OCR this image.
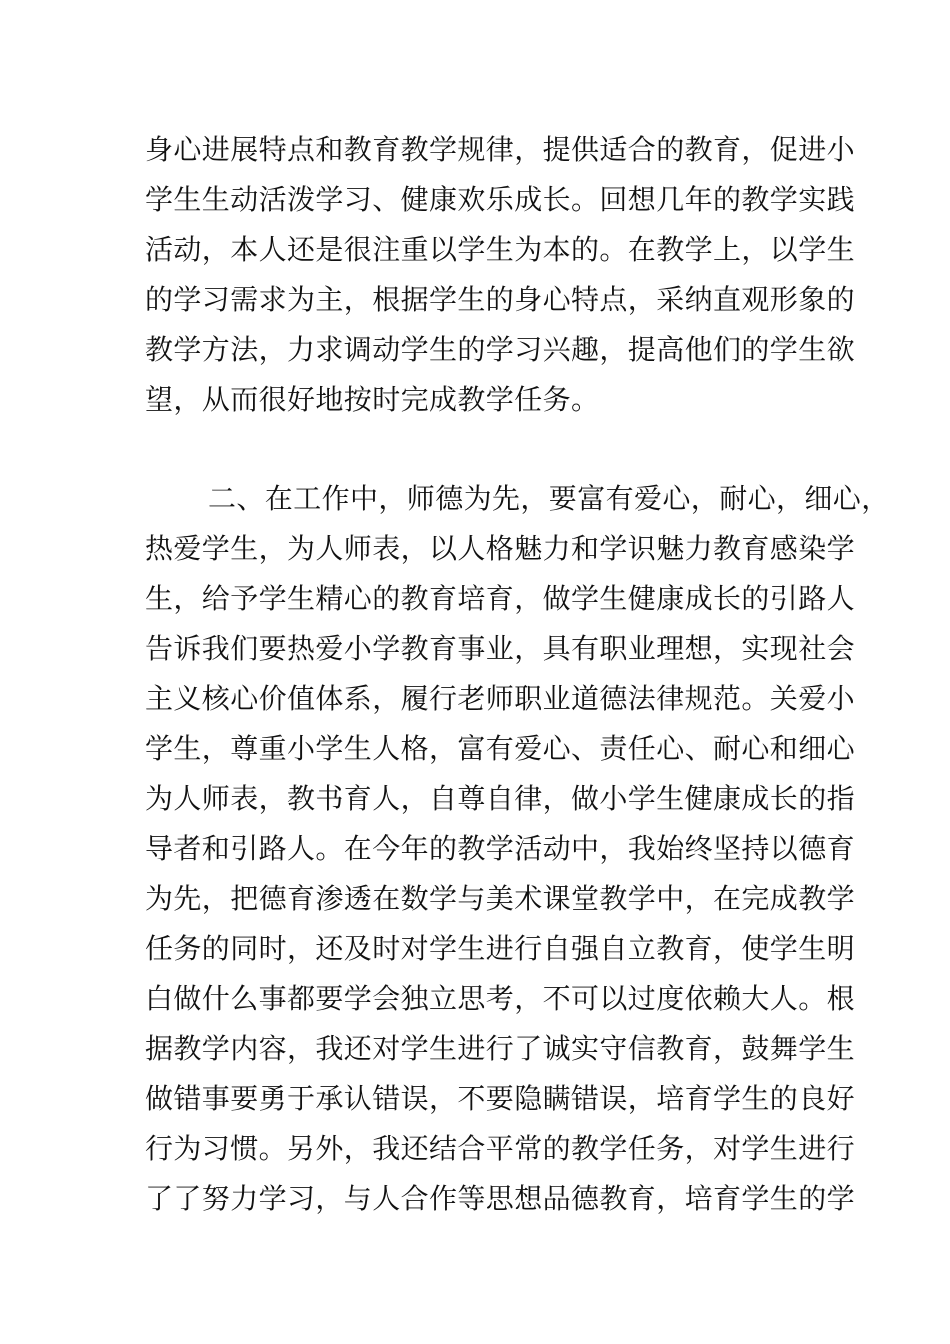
身心进展特点和教育教学规律，提供适合的教育，促进小
学生生动活泼学习、健康欢乐成长。回想几年的教学实践
活动，本人还是很注重以学生为本的。在教学上，以学生
的学习需求为主，根据学生的身心特点，采纳直观形象的
教学方法，力求调动学生的学习兴趣，提高他们的学生欲
望，从而很好地按时完成教学任务。
二、在工作中，师德为先，要富有爱心，耐心，细心，
热爱学生，为人师表，以人格魅力和学识魅力教育感染学
生，给予学生精心的教育培育，做学生健康成长的引路人
告诉我们要热爱小学教育事业，具有职业理想，实现社会
主义核心价值体系，履行老师职业道德法律规范。关爱小
学生，尊重小学生人格，富有爱心、责任心、耐心和细心
为人师表，教书育人，自尊自律，做小学生健康成长的指
导者和引路人。在今年的教学活动中，我始终坚持以德育
为先，把德育渗透在数学与美术课堂教学中，在完成教学
任务的同时，还及时对学生进行自强自立教育，使学生明
白做什么事都要学会独立思考，不可以过度依赖大人。根
据教学内容，我还对学生进行了诚实守信教育，鼓舞学生
做错事要勇于承认错误，不要隐瞒错误，培育学生的良好
行为习惯。另外，我还结合平常的教学任务，对学生进行
了了努力学习，与人合作等思想品德教育，培育学生的学
